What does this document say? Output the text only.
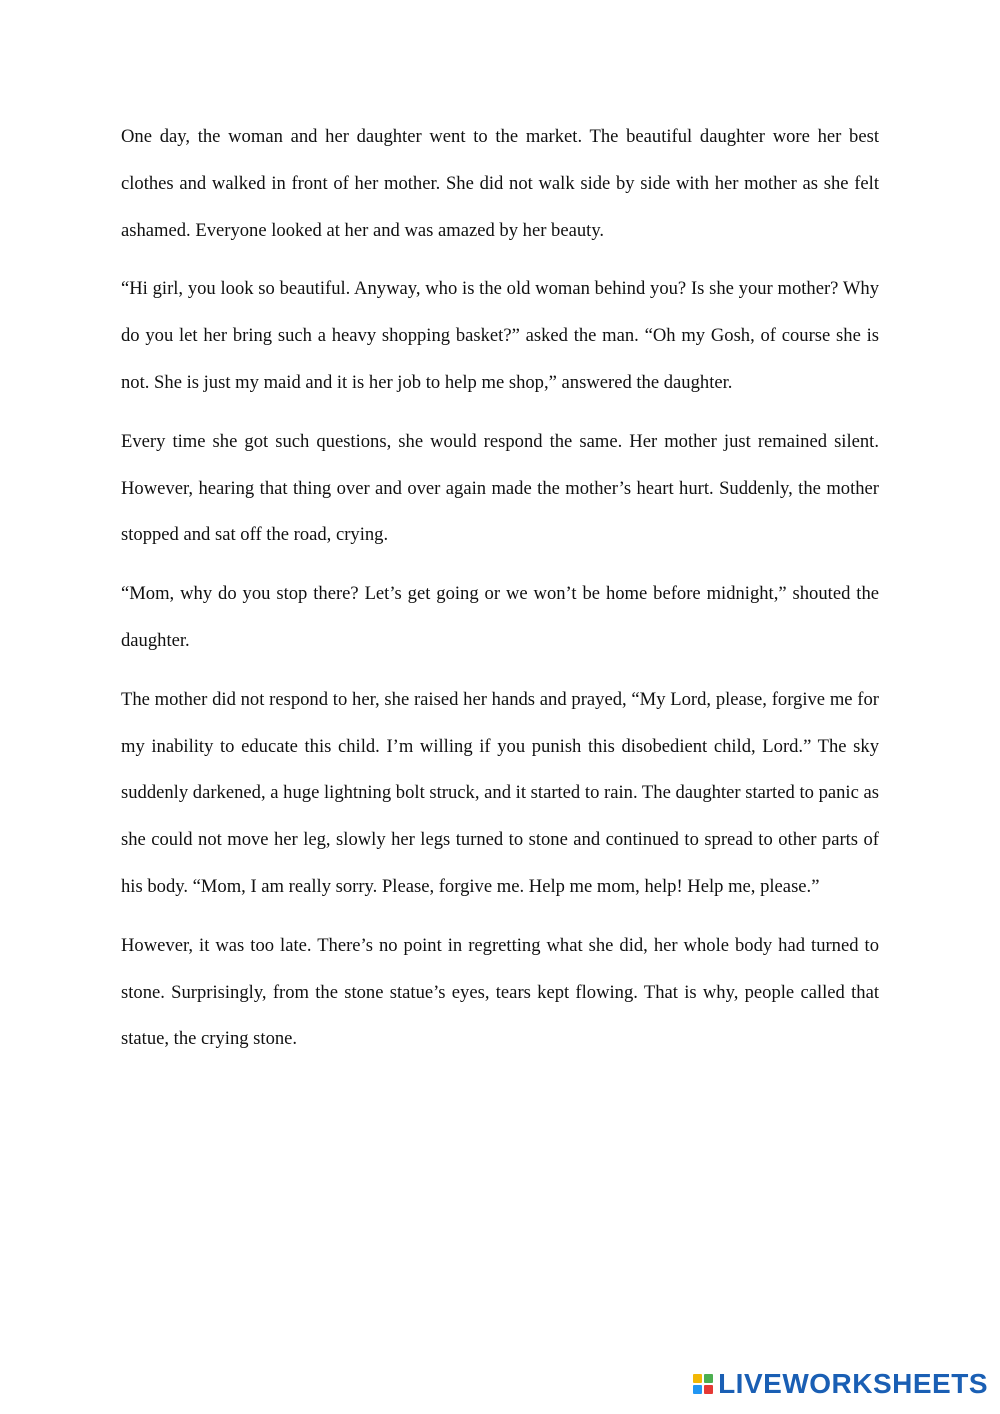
One day, the woman and her daughter went to the market. The beautiful daughter wore her best clothes and walked in front of her mother. She did not walk side by side with her mother as she felt ashamed. Everyone looked at her and was amazed by her beauty.

“Hi girl, you look so beautiful. Anyway, who is the old woman behind you? Is she your mother? Why do you let her bring such a heavy shopping basket?” asked the man. “Oh my Gosh, of course she is not. She is just my maid and it is her job to help me shop,” answered the daughter.

Every time she got such questions, she would respond the same. Her mother just remained silent. However, hearing that thing over and over again made the mother’s heart hurt. Suddenly, the mother stopped and sat off the road, crying.

“Mom, why do you stop there? Let’s get going or we won’t be home before midnight,” shouted the daughter.

The mother did not respond to her, she raised her hands and prayed, “My Lord, please, forgive me for my inability to educate this child. I’m willing if you punish this disobedient child, Lord.” The sky suddenly darkened, a huge lightning bolt struck, and it started to rain. The daughter started to panic as she could not move her leg, slowly her legs turned to stone and continued to spread to other parts of his body. “Mom, I am really sorry. Please, forgive me. Help me mom, help! Help me, please.”

However, it was too late. There’s no point in regretting what she did, her whole body had turned to stone. Surprisingly, from the stone statue’s eyes, tears kept flowing. That is why, people called that statue, the crying stone.

LIVEWORKSHEETS
